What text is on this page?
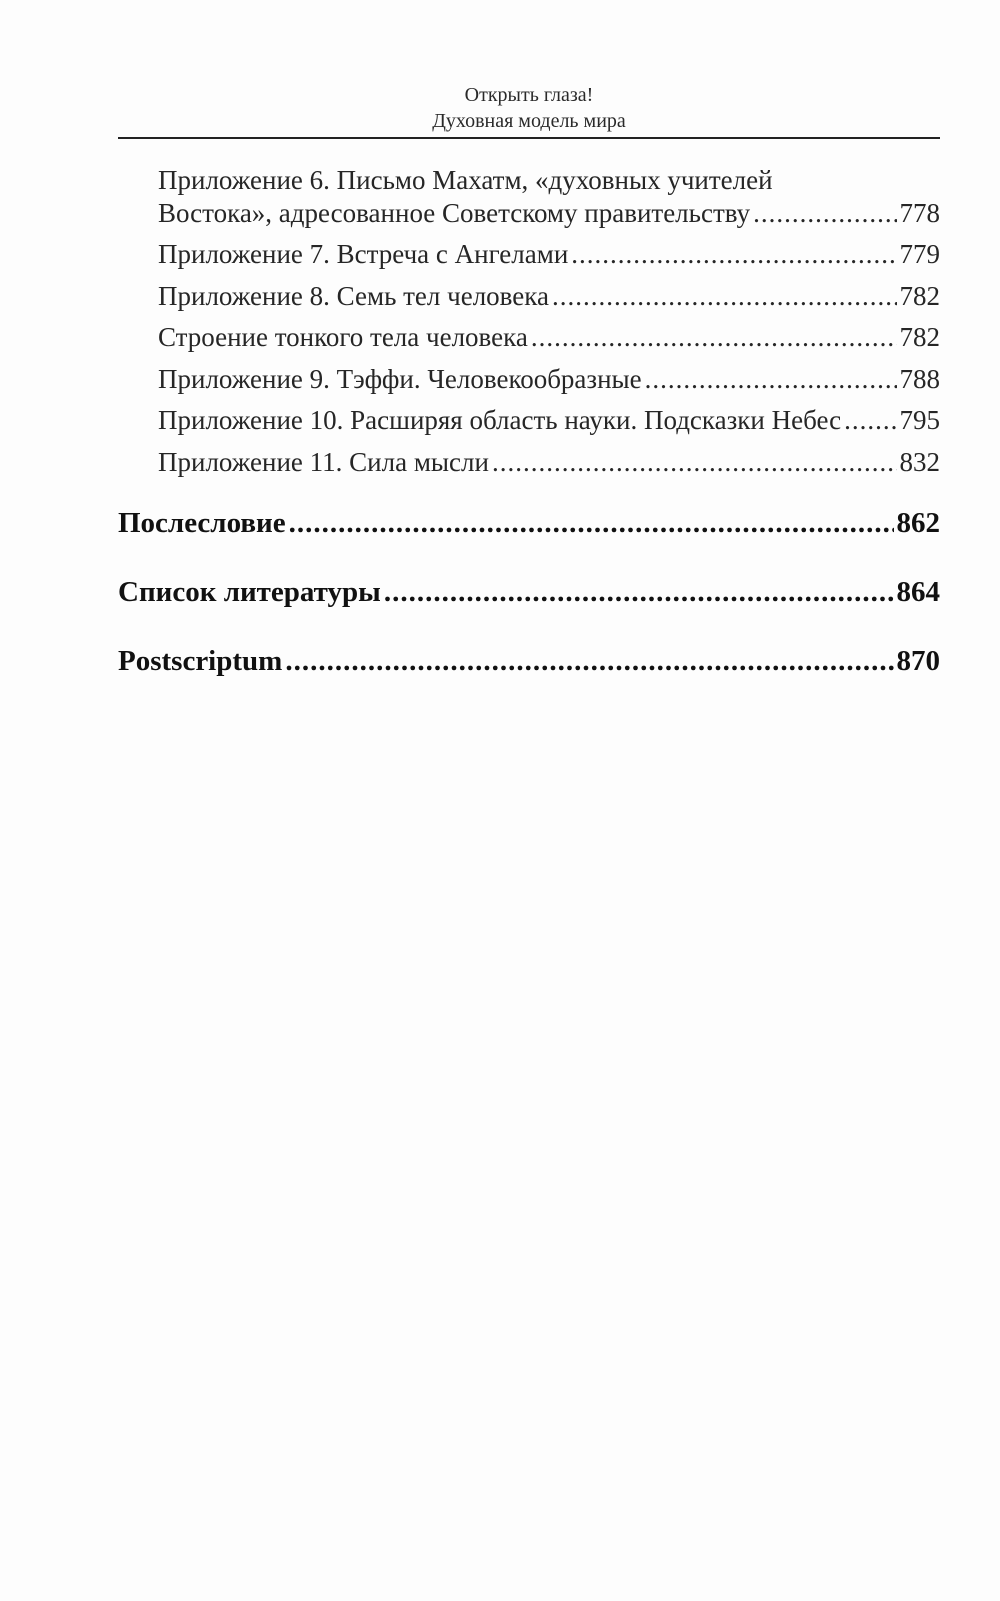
Открыть глаза!
Духовная модель мира
Приложение 6. Письмо Махатм, «духовных учителей
Востока», адресованное Советскому правительству .....	778
Приложение 7. Встреча с Ангелами .....	779
Приложение 8. Семь тел человека .....	782
Строение тонкого тела человека .....	782
Приложение 9. Тэффи. Человекообразные .....	788
Приложение 10. Расширяя область науки. Подсказки Небес ..... 795
Приложение 11. Сила мысли .....	832
Послесловие .....	862
Список литературы .....	864
Postscriptum .....	870
